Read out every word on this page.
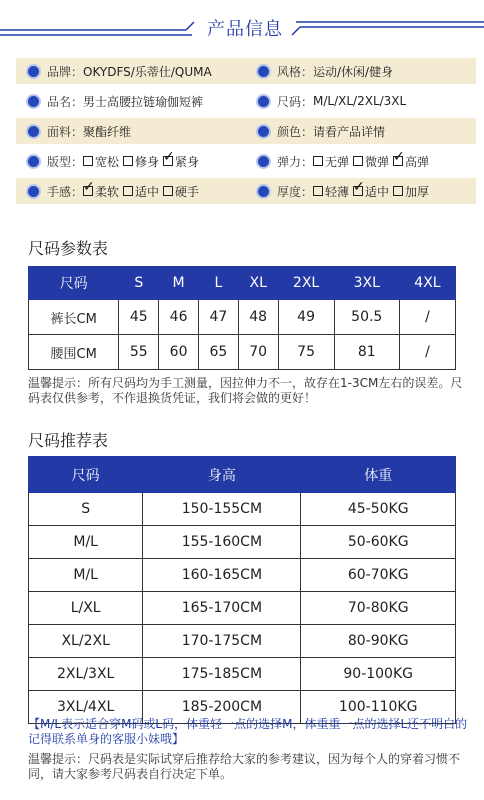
产品信息
品牌： OKYDFS/乐蒂仕/QUMA	风格： 运动/休闲/健身
品名： 男士高腰拉链瑜伽短裤	尺码： M/L/XL/2XL/3XL
面料： 聚酯纤维	颜色： 请看产品详情
版型： 宽松 修身 ✓ 紧身	弹力： 无弹 微弹 ✓ 高弹
手感： ✓ 柔软 适中 硬手	厚度： 轻薄 ✓ 适中 加厚
尺码参数表
尺码	S	M	L	XL	2XL	3XL	4XL
裤长CM	45	46	47	48	49	50.5	/
腰围CM	55	60	65	70	75	81	/
温馨提示：所有尺码均为手工测量，因拉伸力不一，故存在1-3CM左右的误差。尺码表仅供参考，不作退换货凭证，我们将会做的更好！
尺码推荐表
尺码	身高	体重
S	150-155CM	45-50KG
M/L	155-160CM	50-60KG
M/L	160-165CM	60-70KG
L/XL	165-170CM	70-80KG
XL/2XL	170-175CM	80-90KG
2XL/3XL	175-185CM	90-100KG
3XL/4XL	185-200CM	100-110KG
【M/L表示适合穿M码或L码，体重轻一点的选择M，体重重一点的选择L还不明白的记得联系单身的客服小妹哦】
温馨提示：尺码表是实际试穿后推荐给大家的参考建议，因为每个人的穿着习惯不同，请大家参考尺码表自行决定下单。
